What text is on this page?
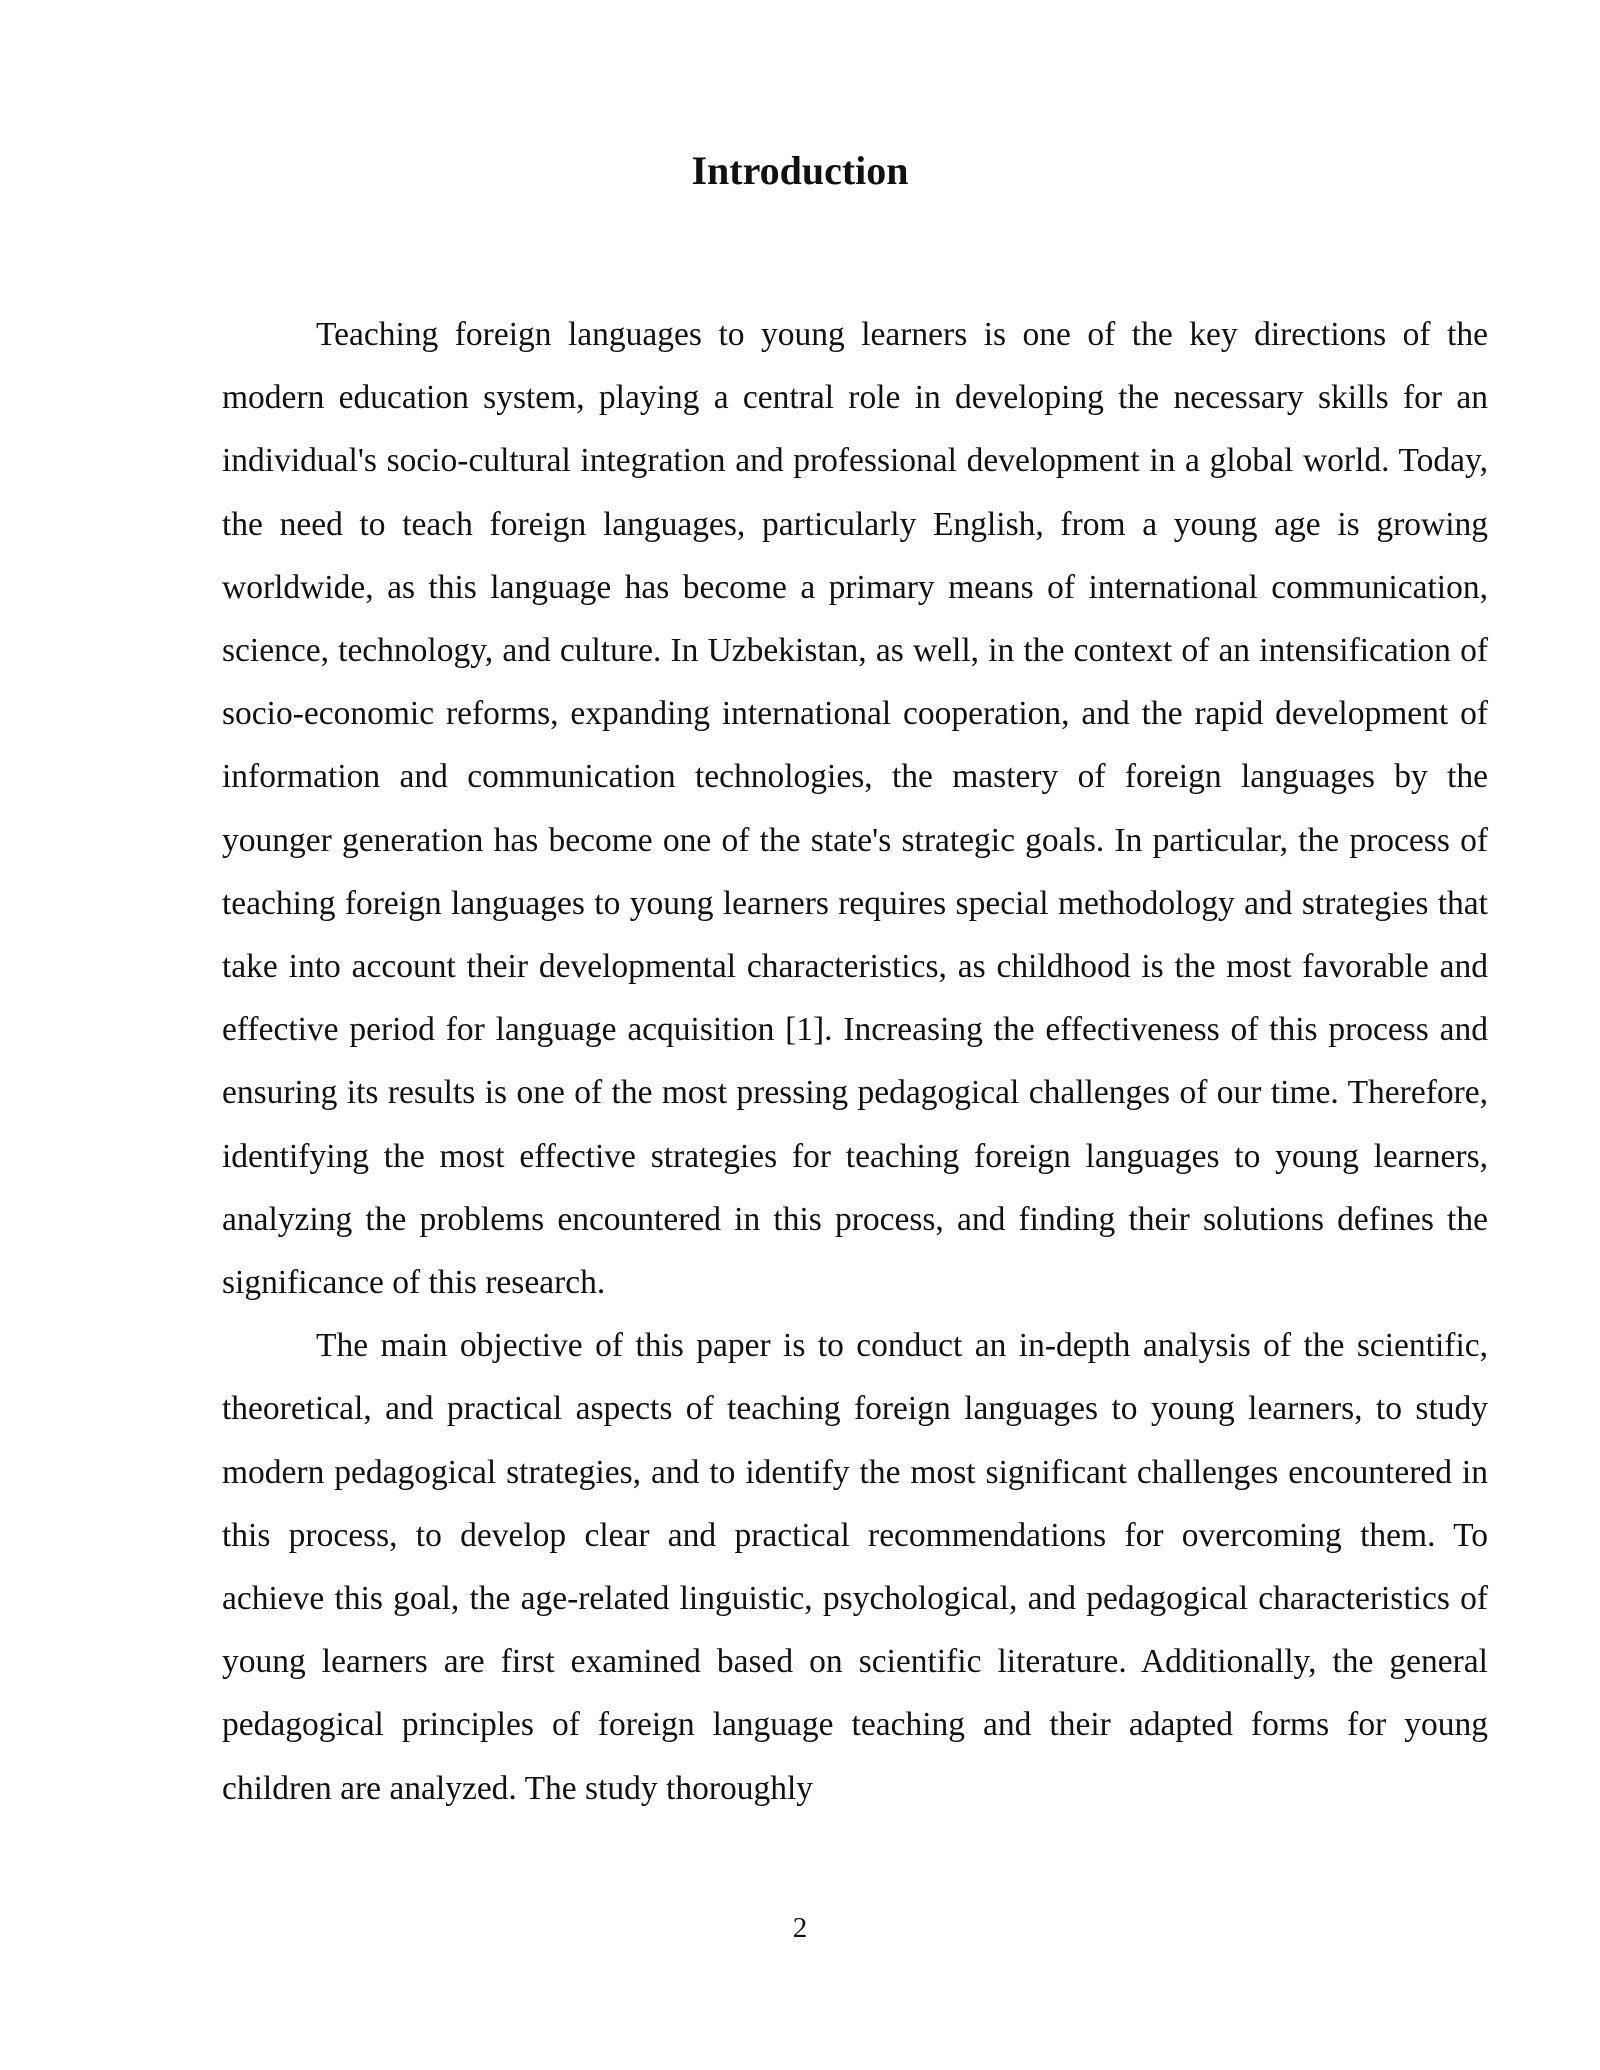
Introduction

Teaching foreign languages to young learners is one of the key directions of the modern education system, playing a central role in developing the necessary skills for an individual's socio-cultural integration and professional development in a global world. Today, the need to teach foreign languages, particularly English, from a young age is growing worldwide, as this language has become a primary means of international communication, science, technology, and culture. In Uzbekistan, as well, in the context of an intensification of socio-economic reforms, expanding international cooperation, and the rapid development of information and communication technologies, the mastery of foreign languages by the younger generation has become one of the state's strategic goals. In particular, the process of teaching foreign languages to young learners requires special methodology and strategies that take into account their developmental characteristics, as childhood is the most favorable and effective period for language acquisition [1]. Increasing the effectiveness of this process and ensuring its results is one of the most pressing pedagogical challenges of our time. Therefore, identifying the most effective strategies for teaching foreign languages to young learners, analyzing the problems encountered in this process, and finding their solutions defines the significance of this research.

The main objective of this paper is to conduct an in-depth analysis of the scientific, theoretical, and practical aspects of teaching foreign languages to young learners, to study modern pedagogical strategies, and to identify the most significant challenges encountered in this process, to develop clear and practical recommendations for overcoming them. To achieve this goal, the age-related linguistic, psychological, and pedagogical characteristics of young learners are first examined based on scientific literature. Additionally, the general pedagogical principles of foreign language teaching and their adapted forms for young children are analyzed. The study thoroughly

2
